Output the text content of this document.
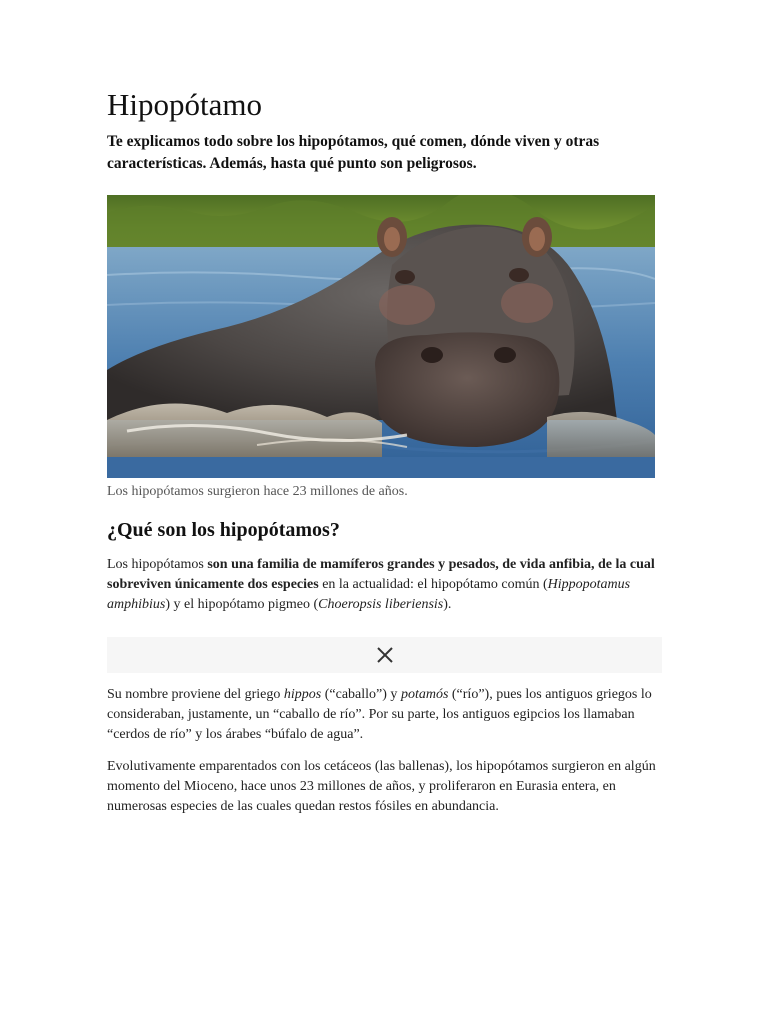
Hipopótamo

Te explicamos todo sobre los hipopótamos, qué comen, dónde viven y otras características. Además, hasta qué punto son peligrosos.

Los hipopótamos surgieron hace 23 millones de años.

¿Qué son los hipopótamos?

Los hipopótamos son una familia de mamíferos grandes y pesados, de vida anfibia, de la cual sobreviven únicamente dos especies en la actualidad: el hipopótamo común (Hippopotamus amphibius) y el hipopótamo pigmeo (Choeropsis liberiensis).

Su nombre proviene del griego hippos (“caballo”) y potamós (“río”), pues los antiguos griegos lo consideraban, justamente, un “caballo de río”. Por su parte, los antiguos egipcios los llamaban “cerdos de río” y los árabes “búfalo de agua”.

Evolutivamente emparentados con los cetáceos (las ballenas), los hipopótamos surgieron en algún momento del Mioceno, hace unos 23 millones de años, y proliferaron en Eurasia entera, en numerosas especies de las cuales quedan restos fósiles en abundancia.
